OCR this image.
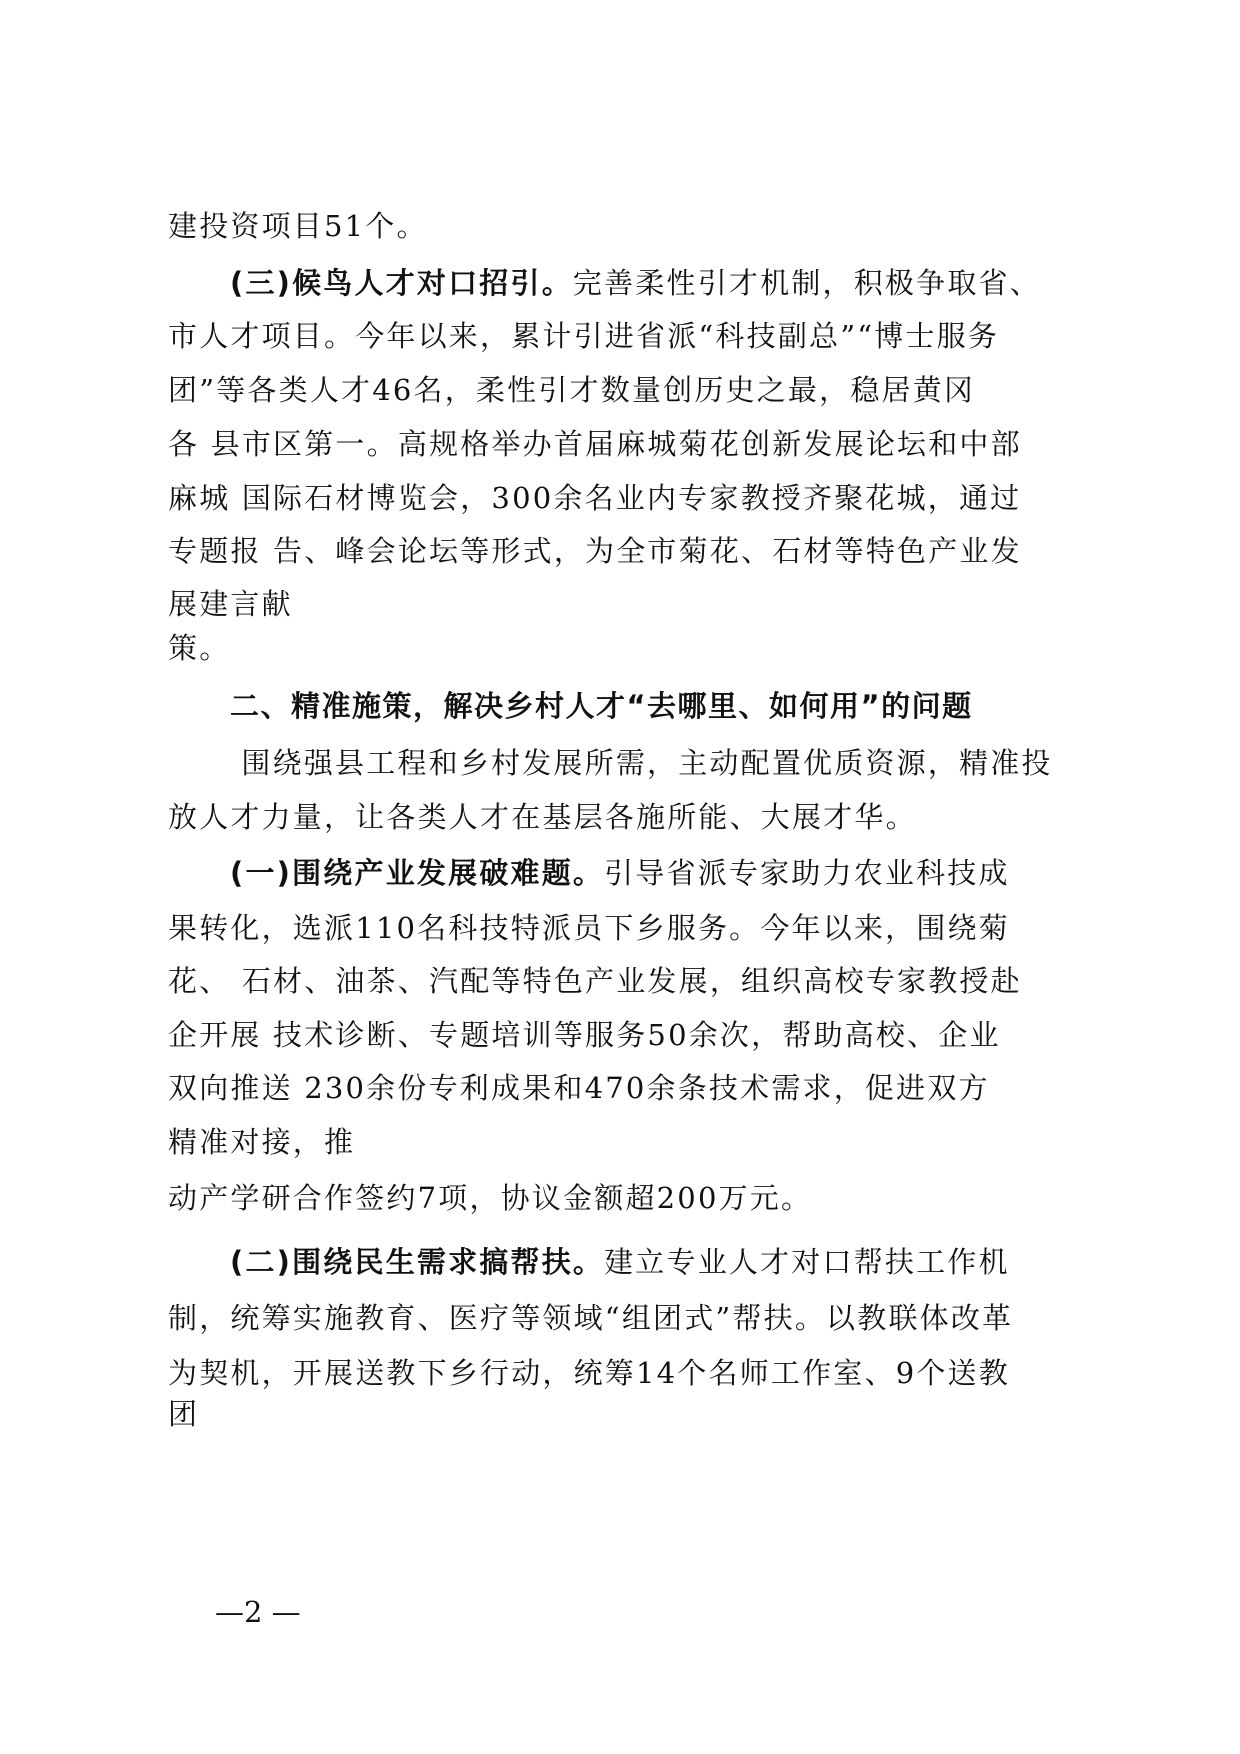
建投资项目51个。
(三)候鸟人才对口招引。完善柔性引才机制，积极争取省、
市人才项目。今年以来，累计引进省派“科技副总”“博士服务
团”等各类人才46名，柔性引才数量创历史之最，稳居黄冈
各 县市区第一。高规格举办首届麻城菊花创新发展论坛和中部
麻城 国际石材博览会，300余名业内专家教授齐聚花城，通过
专题报 告、峰会论坛等形式，为全市菊花、石材等特色产业发
展建言献
策。
二、精准施策，解决乡村人才“去哪里、如何用”的问题
围绕强县工程和乡村发展所需，主动配置优质资源，精准投
放人才力量，让各类人才在基层各施所能、大展才华。
(一)围绕产业发展破难题。引导省派专家助力农业科技成
果转化，选派110名科技特派员下乡服务。今年以来，围绕菊
花、 石材、油茶、汽配等特色产业发展，组织高校专家教授赴
企开展 技术诊断、专题培训等服务50余次，帮助高校、企业
双向推送 230余份专利成果和470余条技术需求，促进双方
精准对接，推
动产学研合作签约7项，协议金额超200万元。
(二)围绕民生需求搞帮扶。建立专业人才对口帮扶工作机
制，统筹实施教育、医疗等领域“组团式”帮扶。以教联体改革
为契机，开展送教下乡行动，统筹14个名师工作室、9个送教
团
—2 —
